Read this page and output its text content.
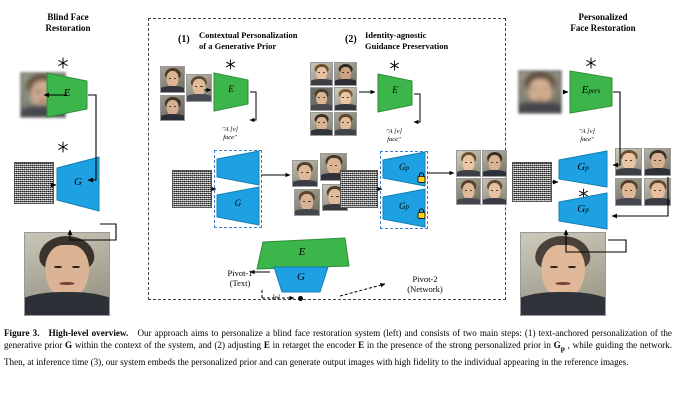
Blind Face
Restoration
E
G
(1) Contextual Personalization
of a Generative Prior
E
"A [v]
face"
G
(2) Identity-agnostic
Guidance Preservation
E
"A [v]
face"
Gp
Gp
E
G
Pivot-1
(Text)	Pivot-2
(Network)
[v]
Personalized
Face Restoration
Epers
"A [v]
face"
Gp
Gp
Figure 3. High-level overview. Our approach aims to personalize a blind face restoration system (left) and consists of two main steps: (1) text-anchored personalization of the generative prior G within the context of the system, and (2) adjusting E in retarget the encoder E in the presence of the strong personalized prior in $G_p$ , while guiding the network. Then, at inference time (3), our system embeds the personalized prior and can generate output images with high fidelity to the individual appearing in the reference images.
